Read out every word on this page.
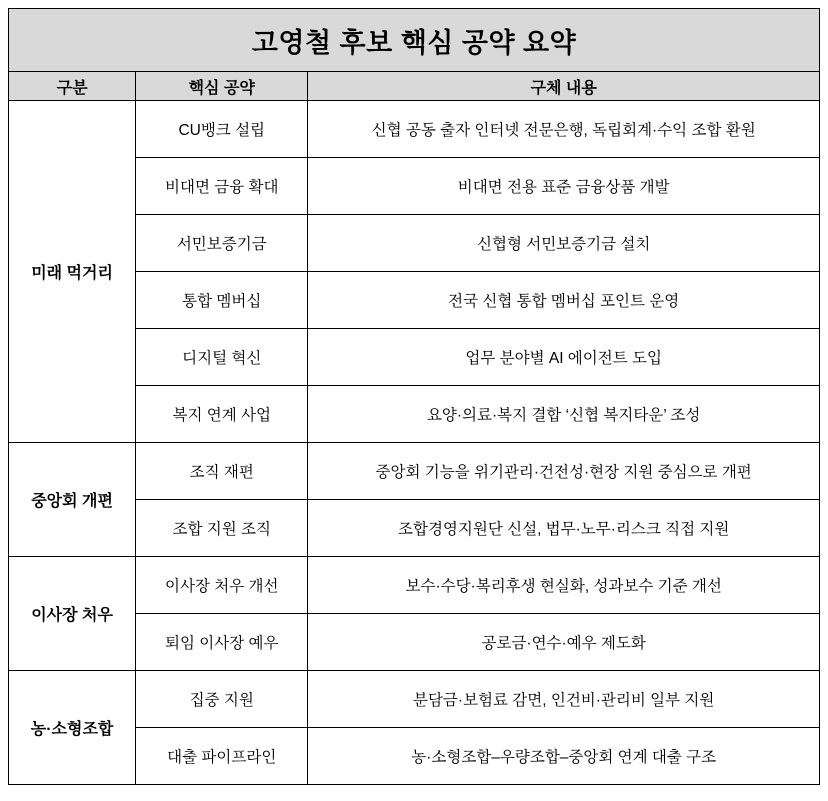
고영철 후보 핵심 공약 요약		
구분	핵심 공약	구체 내용
미래 먹거리	CU뱅크 설립	신협 공동 출자 인터넷 전문은행, 독립회계·수익 조합 환원
	비대면 금융 확대	비대면 전용 표준 금융상품 개발
	서민보증기금	신협형 서민보증기금 설치
	통합 멤버십	전국 신협 통합 멤버십 포인트 운영
	디지털 혁신	업무 분야별 AI 에이전트 도입
	복지 연계 사업	요양·의료·복지 결합 ‘신협 복지타운’ 조성
중앙회 개편	조직 재편	중앙회 기능을 위기관리·건전성·현장 지원 중심으로 개편
	조합 지원 조직	조합경영지원단 신설, 법무·노무·리스크 직접 지원
이사장 처우	이사장 처우 개선	보수·수당·복리후생 현실화, 성과보수 기준 개선
	퇴임 이사장 예우	공로금·연수·예우 제도화
농·소형조합	집중 지원	분담금·보험료 감면, 인건비·관리비 일부 지원
	대출 파이프라인	농·소형조합–우량조합–중앙회 연계 대출 구조
